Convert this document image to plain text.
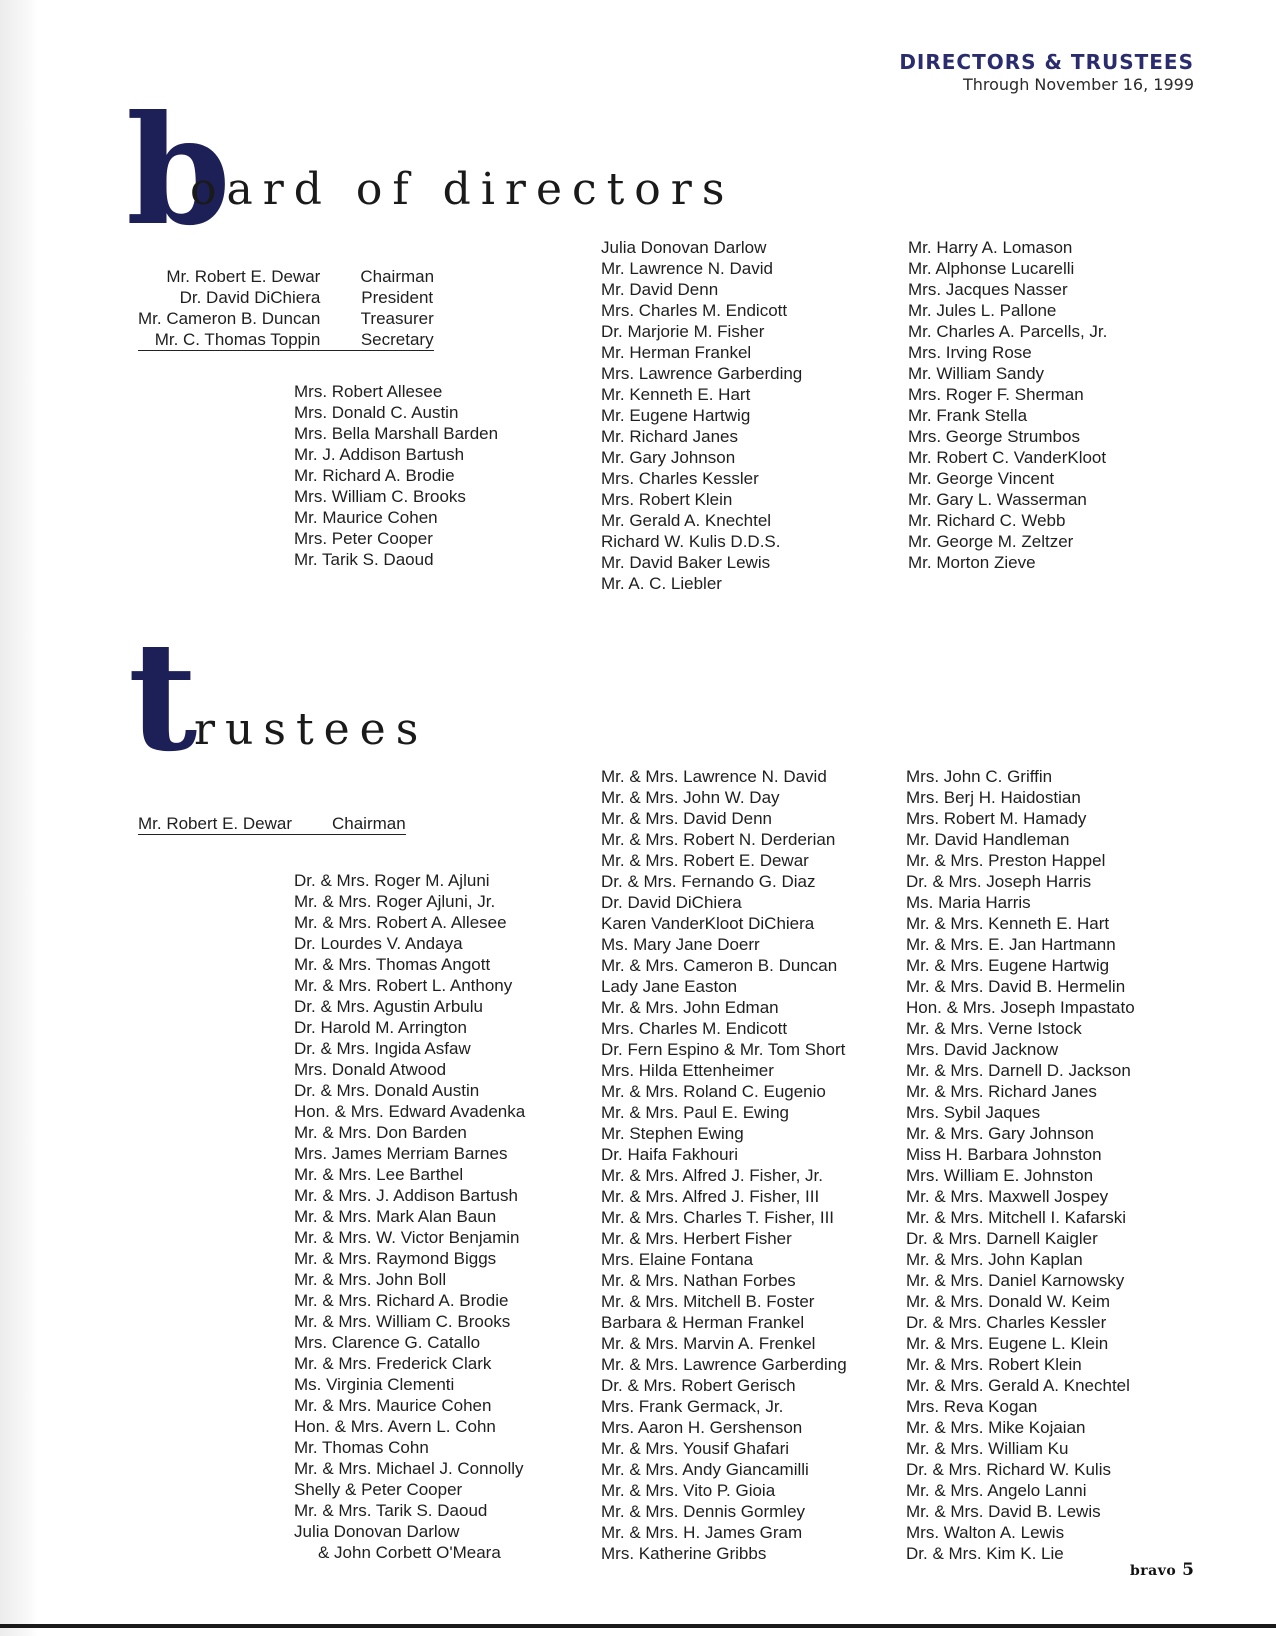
DIRECTORS & TRUSTEES
Through November 16, 1999
b
oard of directors
Mr. Robert E. Dewar	Chairman
Dr. David DiChiera	President
Mr. Cameron B. Duncan	Treasurer
Mr. C. Thomas Toppin	Secretary
Mrs. Robert Allesee
Mrs. Donald C. Austin
Mrs. Bella Marshall Barden
Mr. J. Addison Bartush
Mr. Richard A. Brodie
Mrs. William C. Brooks
Mr. Maurice Cohen
Mrs. Peter Cooper
Mr. Tarik S. Daoud
Julia Donovan Darlow
Mr. Lawrence N. David
Mr. David Denn
Mrs. Charles M. Endicott
Dr. Marjorie M. Fisher
Mr. Herman Frankel
Mrs. Lawrence Garberding
Mr. Kenneth E. Hart
Mr. Eugene Hartwig
Mr. Richard Janes
Mr. Gary Johnson
Mrs. Charles Kessler
Mrs. Robert Klein
Mr. Gerald A. Knechtel
Richard W. Kulis D.D.S.
Mr. David Baker Lewis
Mr. A. C. Liebler
Mr. Harry A. Lomason
Mr. Alphonse Lucarelli
Mrs. Jacques Nasser
Mr. Jules L. Pallone
Mr. Charles A. Parcells, Jr.
Mrs. Irving Rose
Mr. William Sandy
Mrs. Roger F. Sherman
Mr. Frank Stella
Mrs. George Strumbos
Mr. Robert C. VanderKloot
Mr. George Vincent
Mr. Gary L. Wasserman
Mr. Richard C. Webb
Mr. George M. Zeltzer
Mr. Morton Zieve
t
rustees
Mr. Robert E. Dewar	Chairman
Dr. & Mrs. Roger M. Ajluni
Mr. & Mrs. Roger Ajluni, Jr.
Mr. & Mrs. Robert A. Allesee
Dr. Lourdes V. Andaya
Mr. & Mrs. Thomas Angott
Mr. & Mrs. Robert L. Anthony
Dr. & Mrs. Agustin Arbulu
Dr. Harold M. Arrington
Dr. & Mrs. Ingida Asfaw
Mrs. Donald Atwood
Dr. & Mrs. Donald Austin
Hon. & Mrs. Edward Avadenka
Mr. & Mrs. Don Barden
Mrs. James Merriam Barnes
Mr. & Mrs. Lee Barthel
Mr. & Mrs. J. Addison Bartush
Mr. & Mrs. Mark Alan Baun
Mr. & Mrs. W. Victor Benjamin
Mr. & Mrs. Raymond Biggs
Mr. & Mrs. John Boll
Mr. & Mrs. Richard A. Brodie
Mr. & Mrs. William C. Brooks
Mrs. Clarence G. Catallo
Mr. & Mrs. Frederick Clark
Ms. Virginia Clementi
Mr. & Mrs. Maurice Cohen
Hon. & Mrs. Avern L. Cohn
Mr. Thomas Cohn
Mr. & Mrs. Michael J. Connolly
Shelly & Peter Cooper
Mr. & Mrs. Tarik S. Daoud
Julia Donovan Darlow
& John Corbett O'Meara
Mr. & Mrs. Lawrence N. David
Mr. & Mrs. John W. Day
Mr. & Mrs. David Denn
Mr. & Mrs. Robert N. Derderian
Mr. & Mrs. Robert E. Dewar
Dr. & Mrs. Fernando G. Diaz
Dr. David DiChiera
Karen VanderKloot DiChiera
Ms. Mary Jane Doerr
Mr. & Mrs. Cameron B. Duncan
Lady Jane Easton
Mr. & Mrs. John Edman
Mrs. Charles M. Endicott
Dr. Fern Espino & Mr. Tom Short
Mrs. Hilda Ettenheimer
Mr. & Mrs. Roland C. Eugenio
Mr. & Mrs. Paul E. Ewing
Mr. Stephen Ewing
Dr. Haifa Fakhouri
Mr. & Mrs. Alfred J. Fisher, Jr.
Mr. & Mrs. Alfred J. Fisher, III
Mr. & Mrs. Charles T. Fisher, III
Mr. & Mrs. Herbert Fisher
Mrs. Elaine Fontana
Mr. & Mrs. Nathan Forbes
Mr. & Mrs. Mitchell B. Foster
Barbara & Herman Frankel
Mr. & Mrs. Marvin A. Frenkel
Mr. & Mrs. Lawrence Garberding
Dr. & Mrs. Robert Gerisch
Mrs. Frank Germack, Jr.
Mrs. Aaron H. Gershenson
Mr. & Mrs. Yousif Ghafari
Mr. & Mrs. Andy Giancamilli
Mr. & Mrs. Vito P. Gioia
Mr. & Mrs. Dennis Gormley
Mr. & Mrs. H. James Gram
Mrs. Katherine Gribbs
Mrs. John C. Griffin
Mrs. Berj H. Haidostian
Mrs. Robert M. Hamady
Mr. David Handleman
Mr. & Mrs. Preston Happel
Dr. & Mrs. Joseph Harris
Ms. Maria Harris
Mr. & Mrs. Kenneth E. Hart
Mr. & Mrs. E. Jan Hartmann
Mr. & Mrs. Eugene Hartwig
Mr. & Mrs. David B. Hermelin
Hon. & Mrs. Joseph Impastato
Mr. & Mrs. Verne Istock
Mrs. David Jacknow
Mr. & Mrs. Darnell D. Jackson
Mr. & Mrs. Richard Janes
Mrs. Sybil Jaques
Mr. & Mrs. Gary Johnson
Miss H. Barbara Johnston
Mrs. William E. Johnston
Mr. & Mrs. Maxwell Jospey
Mr. & Mrs. Mitchell I. Kafarski
Dr. & Mrs. Darnell Kaigler
Mr. & Mrs. John Kaplan
Mr. & Mrs. Daniel Karnowsky
Mr. & Mrs. Donald W. Keim
Dr. & Mrs. Charles Kessler
Mr. & Mrs. Eugene L. Klein
Mr. & Mrs. Robert Klein
Mr. & Mrs. Gerald A. Knechtel
Mrs. Reva Kogan
Mr. & Mrs. Mike Kojaian
Mr. & Mrs. William Ku
Dr. & Mrs. Richard W. Kulis
Mr. & Mrs. Angelo Lanni
Mr. & Mrs. David B. Lewis
Mrs. Walton A. Lewis
Dr. & Mrs. Kim K. Lie
bravo 5
